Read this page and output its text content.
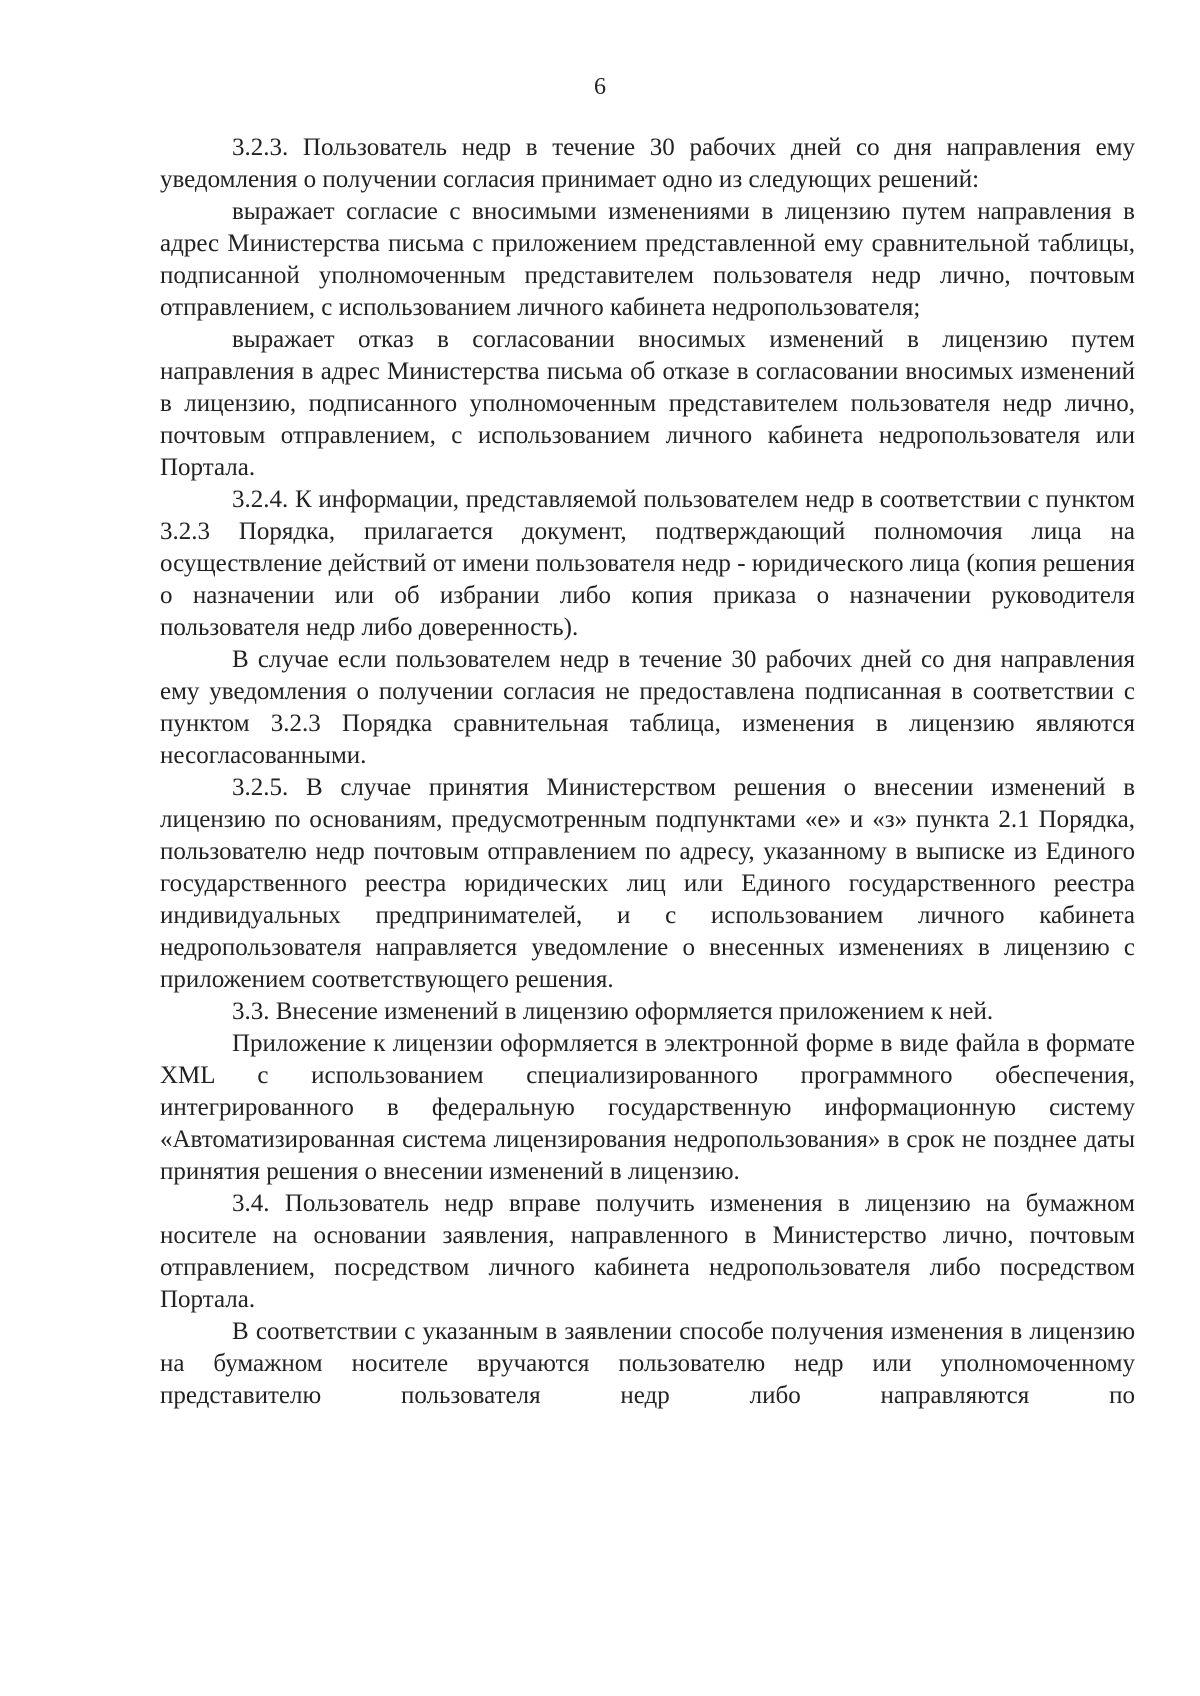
6

3.2.3. Пользователь недр в течение 30 рабочих дней со дня направления ему уведомления о получении согласия принимает одно из следующих решений:

выражает согласие с вносимыми изменениями в лицензию путем направления в адрес Министерства письма с приложением представленной ему сравнительной таблицы, подписанной уполномоченным представителем пользователя недр лично, почтовым отправлением, с использованием личного кабинета недропользователя;

выражает отказ в согласовании вносимых изменений в лицензию путем направления в адрес Министерства письма об отказе в согласовании вносимых изменений в лицензию, подписанного уполномоченным представителем пользователя недр лично, почтовым отправлением, с использованием личного кабинета недропользователя или Портала.

3.2.4. К информации, представляемой пользователем недр в соответствии с пунктом 3.2.3 Порядка, прилагается документ, подтверждающий полномочия лица на осуществление действий от имени пользователя недр - юридического лица (копия решения о назначении или об избрании либо копия приказа о назначении руководителя пользователя недр либо доверенность).

В случае если пользователем недр в течение 30 рабочих дней со дня направления ему уведомления о получении согласия не предоставлена подписанная в соответствии с пунктом 3.2.3 Порядка сравнительная таблица, изменения в лицензию являются несогласованными.

3.2.5. В случае принятия Министерством решения о внесении изменений в лицензию по основаниям, предусмотренным подпунктами «е» и «з» пункта 2.1 Порядка, пользователю недр почтовым отправлением по адресу, указанному в выписке из Единого государственного реестра юридических лиц или Единого государственного реестра индивидуальных предпринимателей, и с использованием личного кабинета недропользователя направляется уведомление о внесенных изменениях в лицензию с приложением соответствующего решения.

3.3. Внесение изменений в лицензию оформляется приложением к ней.

Приложение к лицензии оформляется в электронной форме в виде файла в формате XML с использованием специализированного программного обеспечения, интегрированного в федеральную государственную информационную систему «Автоматизированная система лицензирования недропользования» в срок не позднее даты принятия решения о внесении изменений в лицензию.

3.4. Пользователь недр вправе получить изменения в лицензию на бумажном носителе на основании заявления, направленного в Министерство лично, почтовым отправлением, посредством личного кабинета недропользователя либо посредством Портала.

В соответствии с указанным в заявлении способе получения изменения в лицензию на бумажном носителе вручаются пользователю недр или уполномоченному представителю пользователя недр либо направляются по
